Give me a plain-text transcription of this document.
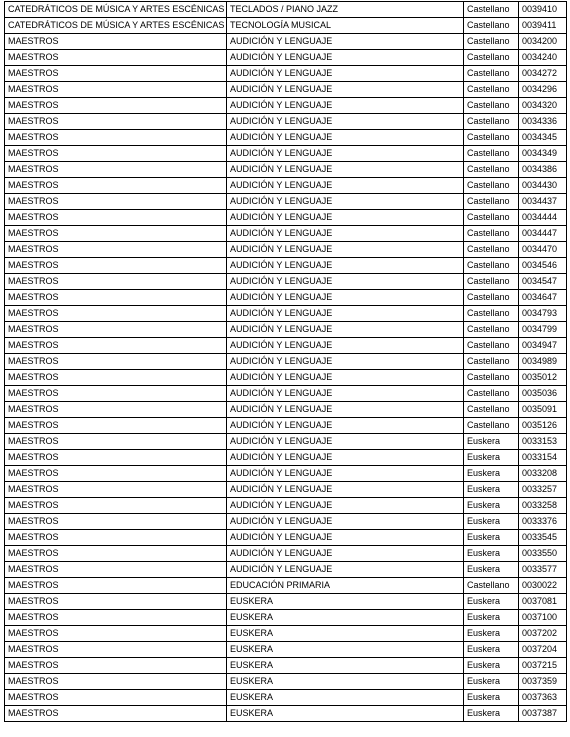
CATEDRÁTICOS DE MÚSICA Y ARTES ESCÉNICAS	TECLADOS / PIANO JAZZ	Castellano	0039410
CATEDRÁTICOS DE MÚSICA Y ARTES ESCÉNICAS	TECNOLOGÍA MUSICAL	Castellano	0039411
MAESTROS	AUDICIÓN Y LENGUAJE	Castellano	0034200
MAESTROS	AUDICIÓN Y LENGUAJE	Castellano	0034240
MAESTROS	AUDICIÓN Y LENGUAJE	Castellano	0034272
MAESTROS	AUDICIÓN Y LENGUAJE	Castellano	0034296
MAESTROS	AUDICIÓN Y LENGUAJE	Castellano	0034320
MAESTROS	AUDICIÓN Y LENGUAJE	Castellano	0034336
MAESTROS	AUDICIÓN Y LENGUAJE	Castellano	0034345
MAESTROS	AUDICIÓN Y LENGUAJE	Castellano	0034349
MAESTROS	AUDICIÓN Y LENGUAJE	Castellano	0034386
MAESTROS	AUDICIÓN Y LENGUAJE	Castellano	0034430
MAESTROS	AUDICIÓN Y LENGUAJE	Castellano	0034437
MAESTROS	AUDICIÓN Y LENGUAJE	Castellano	0034444
MAESTROS	AUDICIÓN Y LENGUAJE	Castellano	0034447
MAESTROS	AUDICIÓN Y LENGUAJE	Castellano	0034470
MAESTROS	AUDICIÓN Y LENGUAJE	Castellano	0034546
MAESTROS	AUDICIÓN Y LENGUAJE	Castellano	0034547
MAESTROS	AUDICIÓN Y LENGUAJE	Castellano	0034647
MAESTROS	AUDICIÓN Y LENGUAJE	Castellano	0034793
MAESTROS	AUDICIÓN Y LENGUAJE	Castellano	0034799
MAESTROS	AUDICIÓN Y LENGUAJE	Castellano	0034947
MAESTROS	AUDICIÓN Y LENGUAJE	Castellano	0034989
MAESTROS	AUDICIÓN Y LENGUAJE	Castellano	0035012
MAESTROS	AUDICIÓN Y LENGUAJE	Castellano	0035036
MAESTROS	AUDICIÓN Y LENGUAJE	Castellano	0035091
MAESTROS	AUDICIÓN Y LENGUAJE	Castellano	0035126
MAESTROS	AUDICIÓN Y LENGUAJE	Euskera	0033153
MAESTROS	AUDICIÓN Y LENGUAJE	Euskera	0033154
MAESTROS	AUDICIÓN Y LENGUAJE	Euskera	0033208
MAESTROS	AUDICIÓN Y LENGUAJE	Euskera	0033257
MAESTROS	AUDICIÓN Y LENGUAJE	Euskera	0033258
MAESTROS	AUDICIÓN Y LENGUAJE	Euskera	0033376
MAESTROS	AUDICIÓN Y LENGUAJE	Euskera	0033545
MAESTROS	AUDICIÓN Y LENGUAJE	Euskera	0033550
MAESTROS	AUDICIÓN Y LENGUAJE	Euskera	0033577
MAESTROS	EDUCACIÓN PRIMARIA	Castellano	0030022
MAESTROS	EUSKERA	Euskera	0037081
MAESTROS	EUSKERA	Euskera	0037100
MAESTROS	EUSKERA	Euskera	0037202
MAESTROS	EUSKERA	Euskera	0037204
MAESTROS	EUSKERA	Euskera	0037215
MAESTROS	EUSKERA	Euskera	0037359
MAESTROS	EUSKERA	Euskera	0037363
MAESTROS	EUSKERA	Euskera	0037387
